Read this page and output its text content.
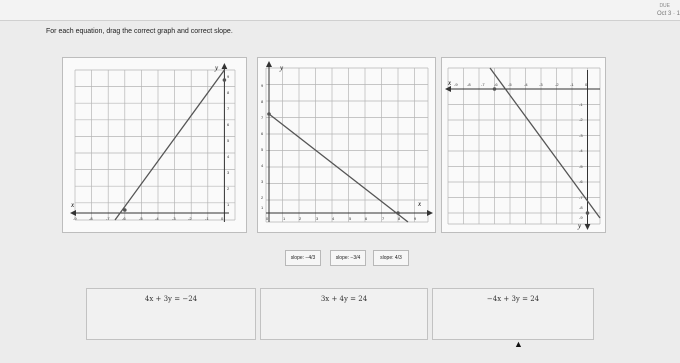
DUE
Oct 3 · 1
For each equation, drag the correct graph and correct slope.
y
x
9
8
7
6
5
4
3
2
1
-9	-8	-7	-6	-5	-4	-3	-2	-1	0
y
x
9
8
7
6
5
4
3
2
1
0	1	2	3	4	5	6	7	8	9
x
y
-9 -8	-7 -6	-5	-4	-3	-2	-1	0
-1
-2
-3
-4
-5
-6
-7
-8
-9
slope: −4/3	slope: −3/4	slope: 4/3
4x + 3y = −24	3x + 4y = 24	−4x + 3y = 24
▲
